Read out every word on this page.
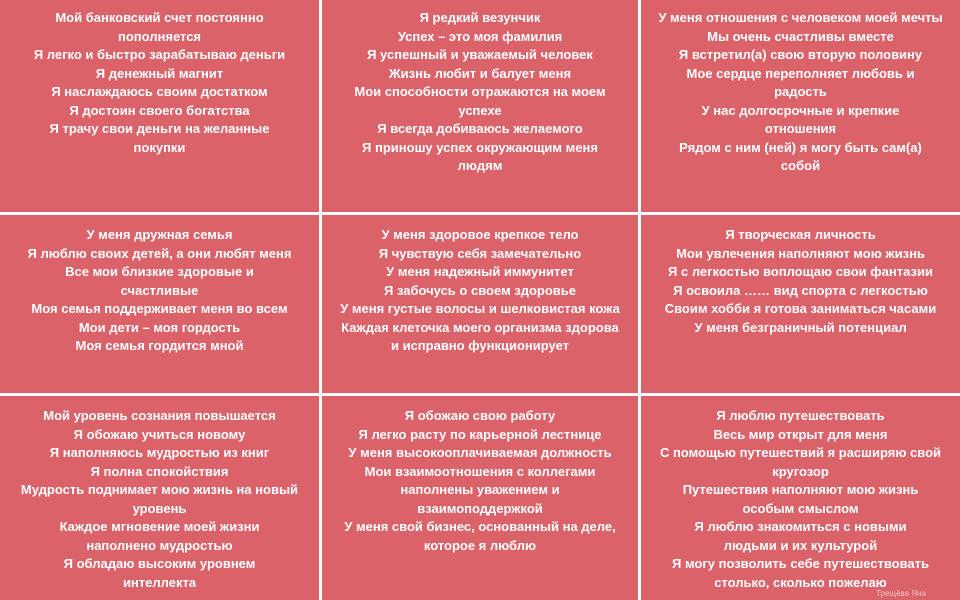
Мой банковский счет постоянно пополняется

Я легко и быстро зарабатываю деньги

Я денежный магнит

Я наслаждаюсь своим достатком

Я достоин своего богатства

Я трачу свои деньги на желанные покупки

Я редкий везунчик

Успех – это моя фамилия

Я успешный и уважаемый человек

Жизнь любит и балует меня

Мои способности отражаются на моем успехе

Я всегда добиваюсь желаемого

Я приношу успех окружающим меня людям

У меня отношения с человеком моей мечты

Мы очень счастливы вместе

Я встретил(а) свою вторую половину

Мое сердце переполняет любовь и радость

У нас долгосрочные и крепкие отношения

Рядом с ним (ней) я могу быть сам(а) собой

У меня дружная семья

Я люблю своих детей, а они любят меня

Все мои близкие здоровые и счастливые

Моя семья поддерживает меня во всем

Мои дети – моя гордость

Моя семья гордится мной

У меня здоровое крепкое тело

Я чувствую себя замечательно

У меня надежный иммунитет

Я забочусь о своем здоровье

У меня густые волосы и шелковистая кожа

Каждая клеточка моего организма здорова и исправно функционирует

Я творческая личность

Мои увлечения наполняют мою жизнь

Я с легкостью воплощаю свои фантазии

Я освоила …… вид спорта с легкостью

Своим хобби я готова заниматься часами

У меня безграничный потенциал

Мой уровень сознания повышается

Я обожаю учиться новому

Я наполняюсь мудростью из книг

Я полна спокойствия

Мудрость поднимает мою жизнь на новый уровень

Каждое мгновение моей жизни наполнено мудростью

Я обладаю высоким уровнем интеллекта

Я обожаю свою работу

Я легко расту по карьерной лестнице

У меня высокооплачиваемая должность

Мои взаимоотношения с коллегами наполнены уважением и взаимоподдержкой

У меня свой бизнес, основанный на деле, которое я люблю

Я люблю путешествовать

Весь мир открыт для меня

С помощью путешествий я расширяю свой кругозор

Путешествия наполняют мою жизнь особым смыслом

Я люблю знакомиться с новыми людьми и их культурой

Я могу позволить себе путешествовать столько, сколько пожелаю

Трещёва Яна
